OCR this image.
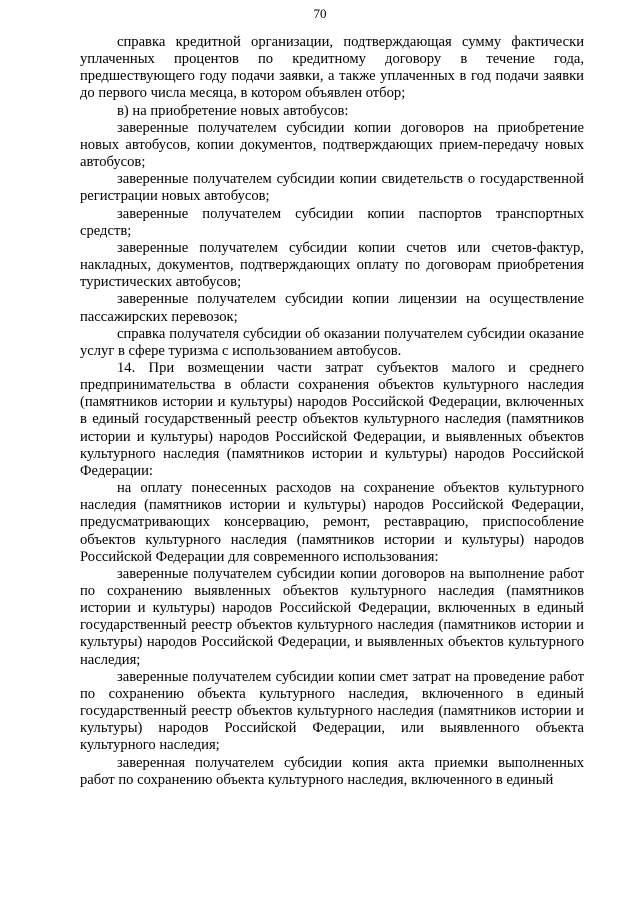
70

справка кредитной организации, подтверждающая сумму фактически уплаченных процентов по кредитному договору в течение года, предшествующего году подачи заявки, а также уплаченных в год подачи заявки до первого числа месяца, в котором объявлен отбор;

в) на приобретение новых автобусов:

заверенные получателем субсидии копии договоров на приобретение новых автобусов, копии документов, подтверждающих прием-передачу новых автобусов;

заверенные получателем субсидии копии свидетельств о государственной регистрации новых автобусов;

заверенные получателем субсидии копии паспортов транспортных средств;

заверенные получателем субсидии копии счетов или счетов-фактур, накладных, документов, подтверждающих оплату по договорам приобретения туристических автобусов;

заверенные получателем субсидии копии лицензии на осуществление пассажирских перевозок;

справка получателя субсидии об оказании получателем субсидии оказание услуг в сфере туризма с использованием автобусов.

14. При возмещении части затрат субъектов малого и среднего предпринимательства в области сохранения объектов культурного наследия (памятников истории и культуры) народов Российской Федерации, включенных в единый государственный реестр объектов культурного наследия (памятников истории и культуры) народов Российской Федерации, и выявленных объектов культурного наследия (памятников истории и культуры) народов Российской Федерации:

на оплату понесенных расходов на сохранение объектов культурного наследия (памятников истории и культуры) народов Российской Федерации, предусматривающих консервацию, ремонт, реставрацию, приспособление объектов культурного наследия (памятников истории и культуры) народов Российской Федерации для современного использования:

заверенные получателем субсидии копии договоров на выполнение работ по сохранению выявленных объектов культурного наследия (памятников истории и культуры) народов Российской Федерации, включенных в единый государственный реестр объектов культурного наследия (памятников истории и культуры) народов Российской Федерации, и выявленных объектов культурного наследия;

заверенные получателем субсидии копии смет затрат на проведение работ по сохранению объекта культурного наследия, включенного в единый государственный реестр объектов культурного наследия (памятников истории и культуры) народов Российской Федерации, или выявленного объекта культурного наследия;

заверенная получателем субсидии копия акта приемки выполненных работ по сохранению объекта культурного наследия, включенного в единый
